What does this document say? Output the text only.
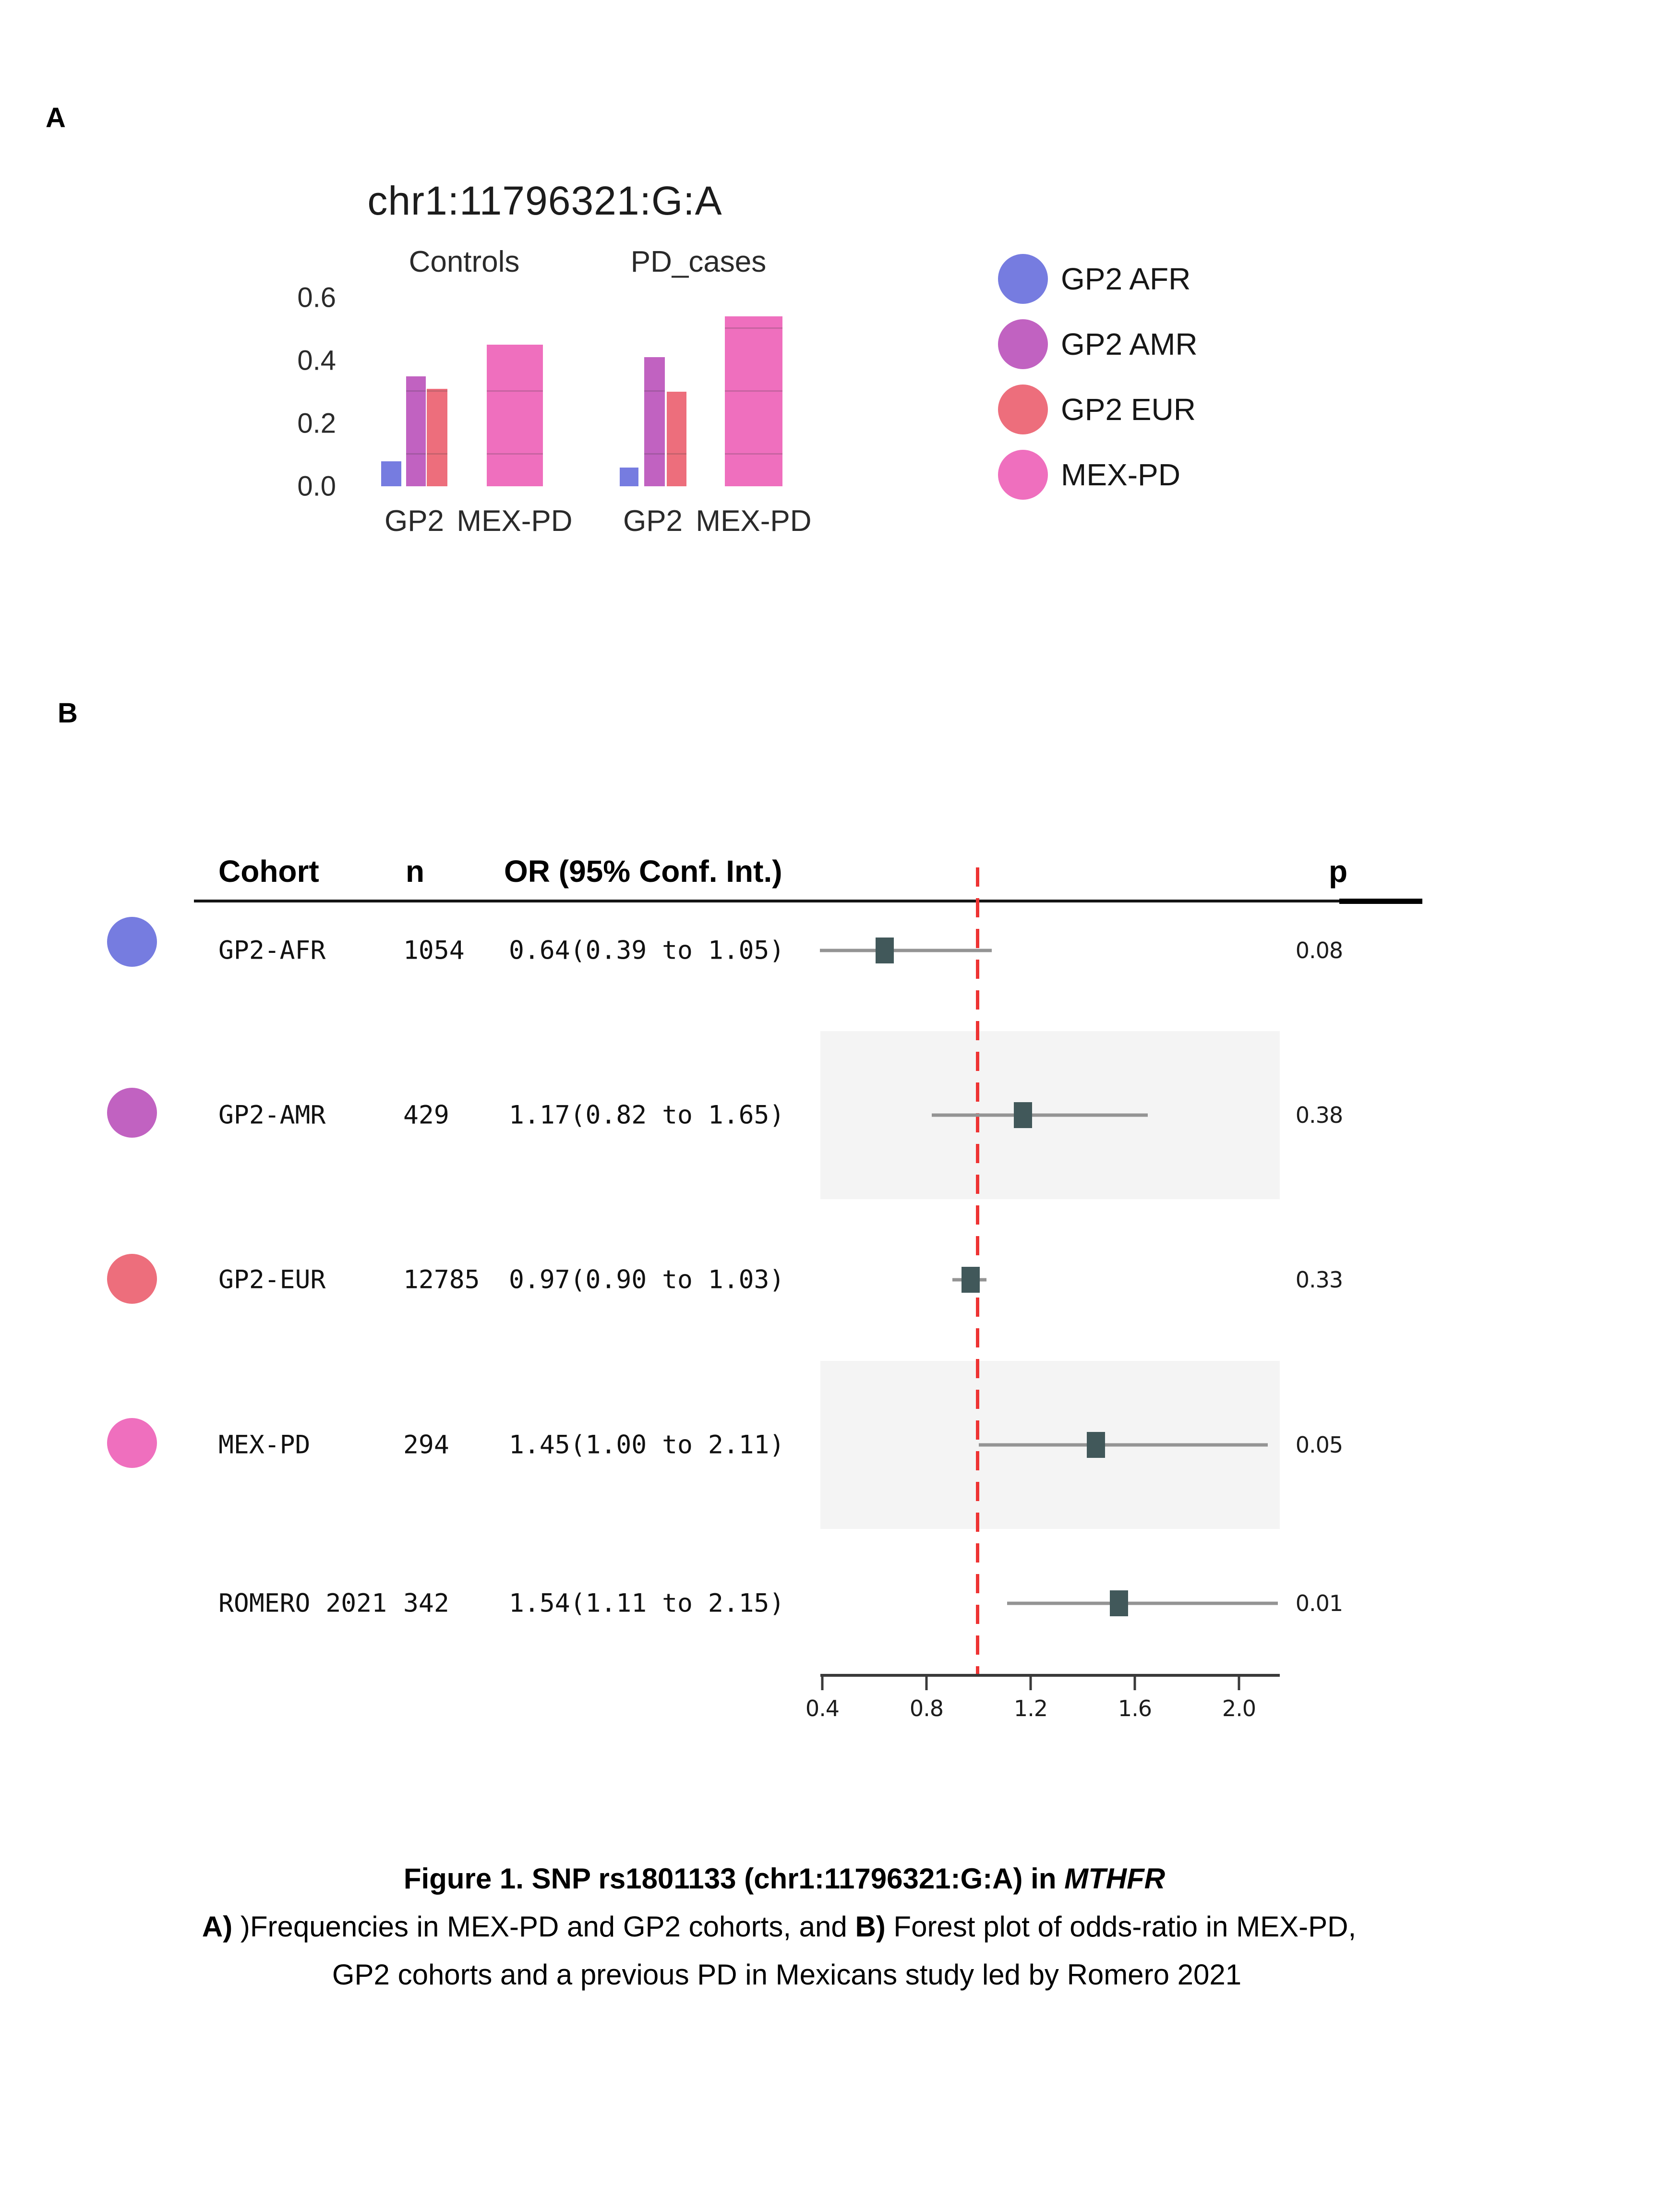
A
chr1:11796321:G:A
Controls	PD_cases
0.6
0.4
0.2
0.0
GP2 MEX-PD GP2 MEX-PD
GP2 AFR
GP2 AMR
GP2 EUR
MEX-PD
B
Cohort	n	OR (95% Conf. Int.)	p
GP2-AFR	1054 0.64(0.39 to 1.05)	0.08
GP2-AMR	429 1.17(0.82 to 1.65)	0.38
GP2-EUR	12785 0.97(0.90 to 1.03)	0.33
MEX-PD	294 1.45(1.00 to 2.11)	0.05
ROMERO 2021 342 1.54(1.11 to 2.15)	0.01
0.4	0.8	1.2	1.6	2.0
Figure 1. SNP rs1801133 (chr1:11796321:G:A) in MTHFR
A) )Frequencies in MEX-PD and GP2 cohorts, and B) Forest plot of odds-ratio in MEX-PD,
GP2 cohorts and a previous PD in Mexicans study led by Romero 2021
